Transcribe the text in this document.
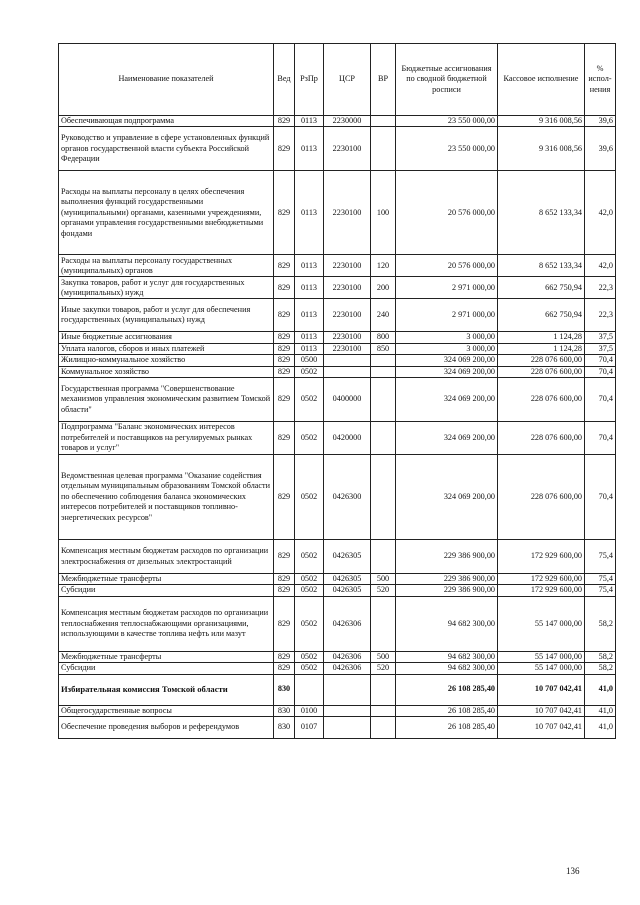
Наименование показателей	Вед	РзПр	ЦСР	ВР	Бюджетные ассигнования по сводной бюджетной росписи	Кассовое исполнение	% испол-нения
Обеспечивающая подпрограмма	829	0113	2230000		23 550 000,00	9 316 008,56	39,6
Руководство и управление в сфере установленных функций органов государственной власти субъекта Российской Федерации	829	0113	2230100		23 550 000,00	9 316 008,56	39,6
Расходы на выплаты персоналу в целях обеспечения выполнения функций государственными (муниципальными) органами, казенными учреждениями, органами управления государственными внебюджетными фондами	829	0113	2230100	100	20 576 000,00	8 652 133,34	42,0
Расходы на выплаты персоналу государственных (муниципальных) органов	829	0113	2230100	120	20 576 000,00	8 652 133,34	42,0
Закупка товаров, работ и услуг для государственных (муниципальных) нужд	829	0113	2230100	200	2 971 000,00	662 750,94	22,3
Иные закупки товаров, работ и услуг для обеспечения государственных (муниципальных) нужд	829	0113	2230100	240	2 971 000,00	662 750,94	22,3
Иные бюджетные ассигнования	829	0113	2230100	800	3 000,00	1 124,28	37,5
Уплата налогов, сборов и иных платежей	829	0113	2230100	850	3 000,00	1 124,28	37,5
Жилищно-коммунальное хозяйство	829	0500			324 069 200,00	228 076 600,00	70,4
Коммунальное хозяйство	829	0502			324 069 200,00	228 076 600,00	70,4
Государственная программа "Совершенствование механизмов управления экономическим развитием Томской области"	829	0502	0400000		324 069 200,00	228 076 600,00	70,4
Подпрограмма "Баланс экономических интересов потребителей и поставщиков на регулируемых рынках товаров и услуг"	829	0502	0420000		324 069 200,00	228 076 600,00	70,4
Ведомственная целевая программа "Оказание содействия отдельным муниципальным образованиям Томской области по обеспечению соблюдения баланса экономических интересов потребителей и поставщиков топливно-энергетических ресурсов"	829	0502	0426300		324 069 200,00	228 076 600,00	70,4
Компенсация местным бюджетам расходов по организации электроснабжения от дизельных электростанций	829	0502	0426305		229 386 900,00	172 929 600,00	75,4
Межбюджетные трансферты	829	0502	0426305	500	229 386 900,00	172 929 600,00	75,4
Субсидии	829	0502	0426305	520	229 386 900,00	172 929 600,00	75,4
Компенсация местным бюджетам расходов по организации теплоснабжения теплоснабжающими организациями, использующими в качестве топлива нефть или мазут	829	0502	0426306		94 682 300,00	55 147 000,00	58,2
Межбюджетные трансферты	829	0502	0426306	500	94 682 300,00	55 147 000,00	58,2
Субсидии	829	0502	0426306	520	94 682 300,00	55 147 000,00	58,2
Избирательная комиссия Томской области	830				26 108 285,40	10 707 042,41	41,0
Общегосударственные вопросы	830	0100			26 108 285,40	10 707 042,41	41,0
Обеспечение проведения выборов и референдумов	830	0107			26 108 285,40	10 707 042,41	41,0
136
